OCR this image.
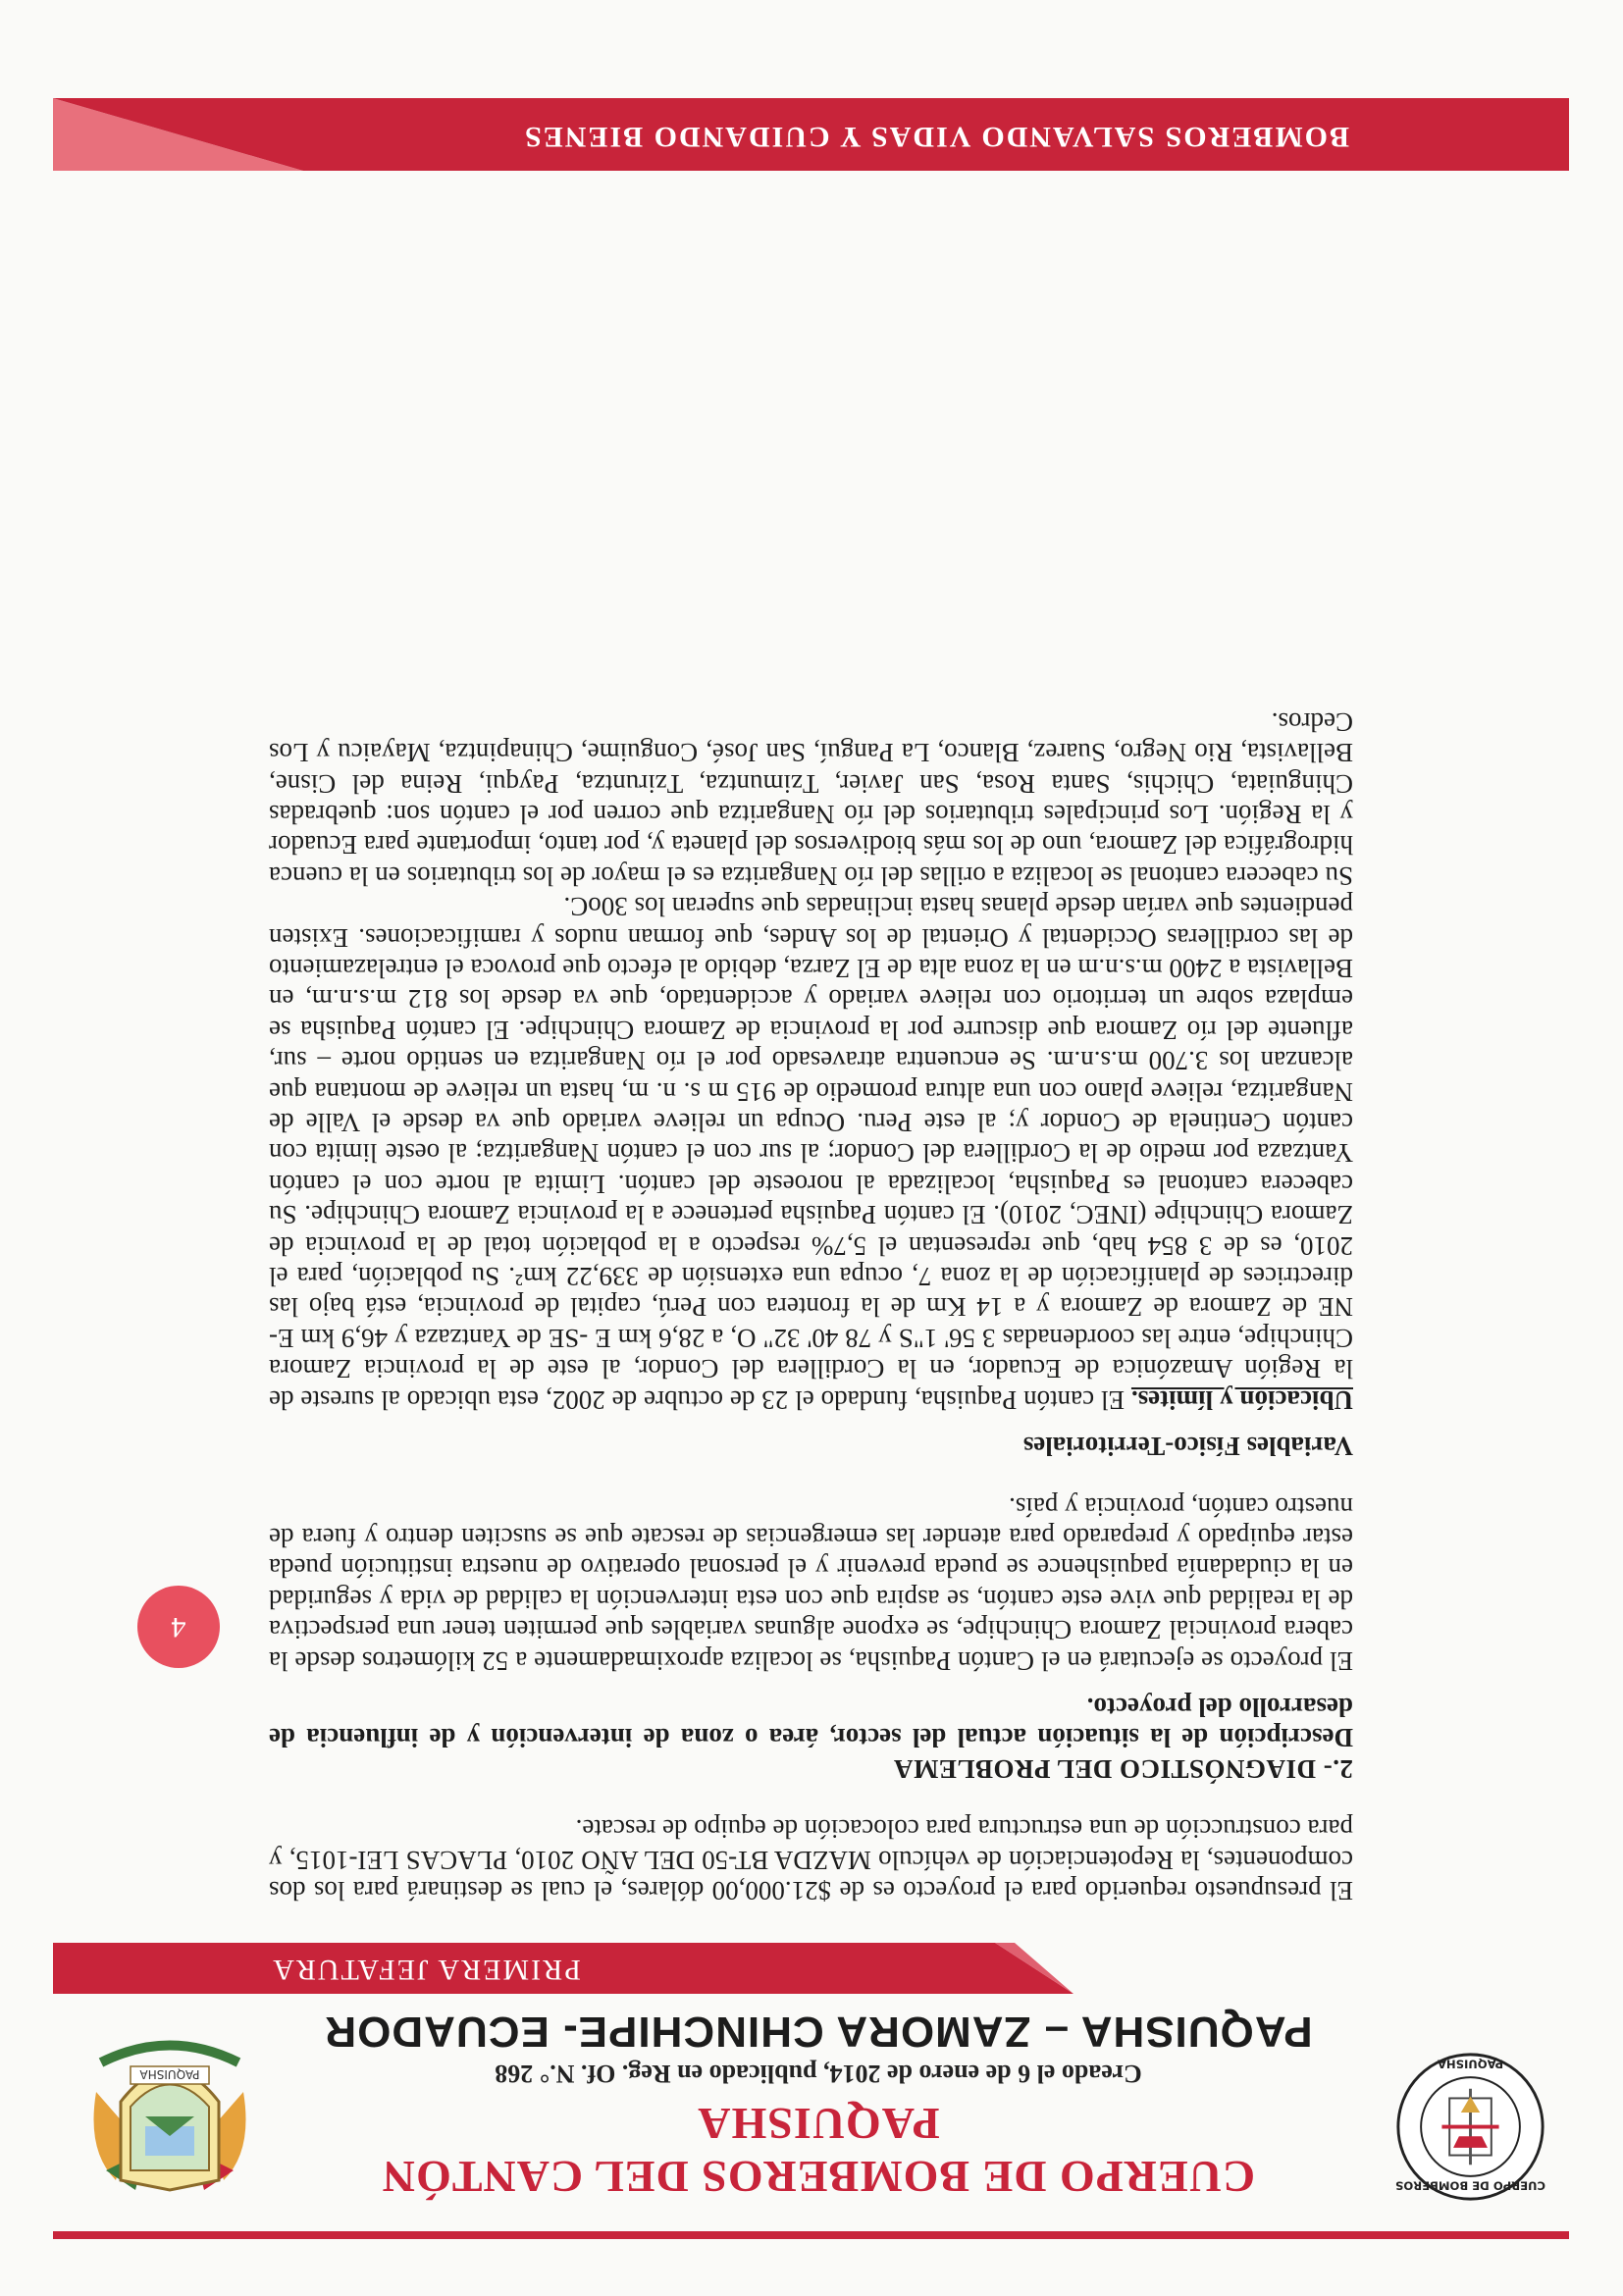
CUERPO DE BOMBEROS
PAQUISHA
PAQUISHA
CUERPO DE BOMBEROS DEL CANTÓN
PAQUISHA
Creado el 6 de enero de 2014, publicado en Reg. Of. N.° 268
PAQUISHA – ZAMORA CHINCHIPE- ECUADOR
PRIMERA JEFATURA
4

El presupuesto requerido para el proyecto es de $21.000,00 dólares, el cual se destinará para los dos componentes, la Repotenciación de vehículo MAZDA BT-50 DEL AÑO 2010, PLACAS LEI-1015, y para construcción de una estructura para colocación de equipo de rescate.

2.- DIAGNÓSTICO DEL PROBLEMA

Descripción de la situación actual del sector, área o zona de intervención y de influencia de desarrollo del proyecto.

El proyecto se ejecutará en el Cantón Paquisha, se localiza aproximadamente a 52 kilómetros desde la cabera provincial Zamora Chinchipe, se expone algunas variables que permiten tener una perspectiva de la realidad que vive este cantón, se aspira que con esta intervención la calidad de vida y seguridad en la ciudadanía paquishence se pueda prevenir y el personal operativo de nuestra institución pueda estar equipado y preparado para atender las emergencias de rescate que se susciten dentro y fuera de nuestro cantón, provincia y país.

Variables Físico-Territoriales

Ubicación y límites. El cantón Paquisha, fundado el 23 de octubre de 2002, esta ubicado al sureste de la Región Amazónica de Ecuador, en la Cordillera del Condor, al este de la provincia Zamora Chinchipe, entre las coordenadas 3 56' 1"S y 78 40' 32" O, a 28,6 km E -SE de Yantzaza y 46,9 km E-NE de Zamora de Zamora y a 14 Km de la frontera con Perú, capital de provincia, está bajo las directrices de planificación de la zona 7, ocupa una extensión de 339,22 km². Su población, para el 2010, es de 3 854 hab, que representan el 5,7% respecto a la población total de la provincia de Zamora Chinchipe (INEC, 2010). El cantón Paquisha pertenece a la provincia Zamora Chinchipe. Su cabecera cantonal es Paquisha, localizada al noroeste del cantón. Limita al norte con el cantón Yantzaza por medio de la Cordillera del Condor; al sur con el cantón Nangaritza; al oeste limita con cantón Centinela de Condor y; al este Peru. Ocupa un relieve variado que va desde el Valle de Nangaritza, relieve plano con una altura promedio de 915 m s. n. m, hasta un relieve de montana que alcanzan los 3.700 m.s.n.m. Se encuentra atravesado por el río Nangaritza en sentido norte – sur, afluente del río Zamora que discurre por la provincia de Zamora Chinchipe. El cantón Paquisha se emplaza sobre un territorio con relieve variado y accidentado, que va desde los 812 m.s.n.m, en Bellavista a 2400 m.s.n.m en la zona alta de El Zarza, debido al efecto que provoca el entrelazamiento de las cordilleras Occidental y Oriental de los Andes, que forman nudos y ramificaciones. Existen pendientes que varían desde planas hasta inclinadas que superan los 30oC.

Su cabecera cantonal se localiza a orillas del río Nangaritza es el mayor de los tributarios en la cuenca hidrográfica del Zamora, uno de los más biodiversos del planeta y, por tanto, importante para Ecuador y la Región. Los principales tributarios del río Nangaritza que corren por el cantón son: quebradas Chinguiata, Chichis, Santa Rosa, San Javier, Tzimuntza, Tziruntza, Payqui, Reina del Cisne, Bellavista, Rio Negro, Suarez, Blanco, La Panguí, San José, Conguime, Chinapintza, Mayaicu y Los Cedros.

BOMBEROS SALVANDO VIDAS Y CUIDANDO BIENES
